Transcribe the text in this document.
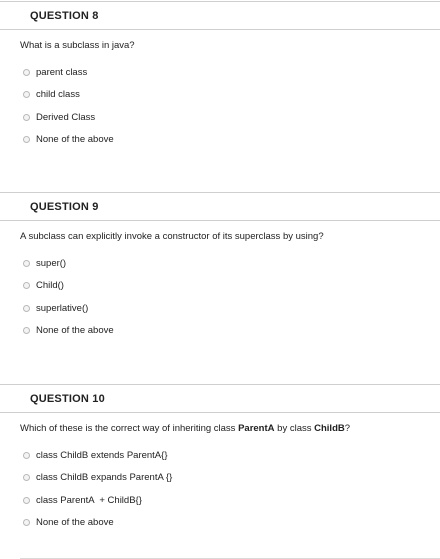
QUESTION 8
What is a subclass in java?
parent class
child class
Derived Class
None of the above
QUESTION 9
A subclass can explicitly invoke a constructor of its superclass by using?
super()
Child()
superlative()
None of the above
QUESTION 10
Which of these is the correct way of inheriting class ParentA by class ChildB?
class ChildB extends ParentA{}
class ChildB expands ParentA {}
class ParentA  + ChildB{}
None of the above
